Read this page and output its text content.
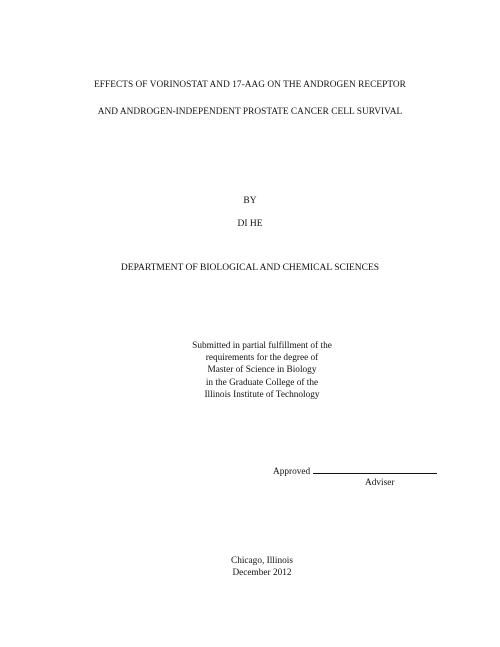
EFFECTS OF VORINOSTAT AND 17-AAG ON THE ANDROGEN RECEPTOR
AND ANDROGEN-INDEPENDENT PROSTATE CANCER CELL SURVIVAL
BY
DI HE
DEPARTMENT OF BIOLOGICAL AND CHEMICAL SCIENCES
Submitted in partial fulfillment of the
requirements for the degree of
Master of Science in Biology
in the Graduate College of the
Illinois Institute of Technology
Approved
Adviser
Chicago, Illinois
December 2012
